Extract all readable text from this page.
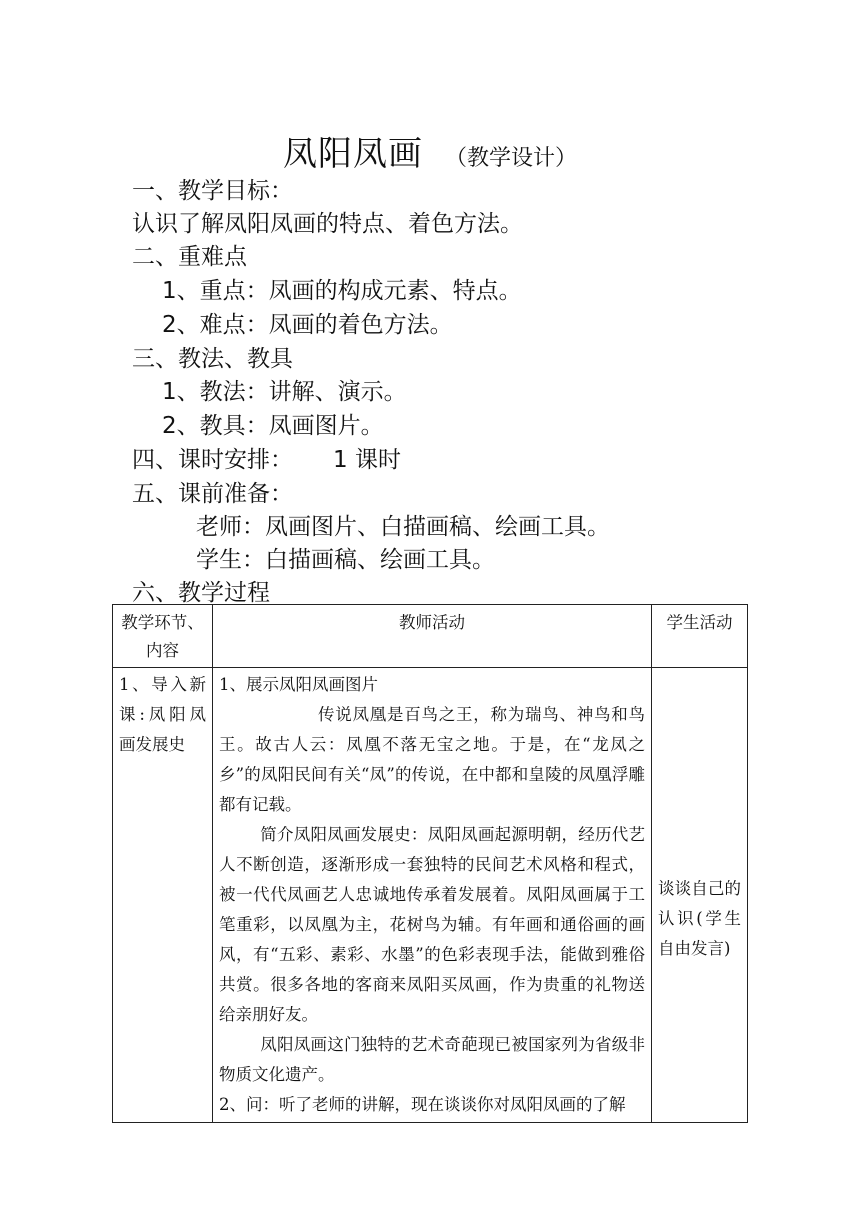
凤阳凤画 （教学设计）
一、教学目标：
认识了解凤阳凤画的特点、着色方法。
二、重难点
1、重点：凤画的构成元素、特点。
2、难点：凤画的着色方法。
三、教法、教具
1、教法：讲解、演示。
2、教具：凤画图片。
四、课时安排： 1 课时
五、课前准备：
老师：凤画图片、白描画稿、绘画工具。
学生：白描画稿、绘画工具。
六、教学过程
教学环节、内容	教师活动	学生活动
1、导入新课:凤阳凤画发展史	1、展示凤阳凤画图片

传说凤凰是百鸟之王，称为瑞鸟、神鸟和鸟王。故古人云：凤凰不落无宝之地。于是，在“龙凤之乡”的凤阳民间有关“凤”的传说，在中都和皇陵的凤凰浮雕都有记载。

简介凤阳凤画发展史：凤阳凤画起源明朝，经历代艺人不断创造，逐渐形成一套独特的民间艺术风格和程式，被一代代凤画艺人忠诚地传承着发展着。凤阳凤画属于工笔重彩，以凤凰为主，花树鸟为辅。有年画和通俗画的画风，有“五彩、素彩、水墨”的色彩表现手法，能做到雅俗共赏。很多各地的客商来凤阳买凤画，作为贵重的礼物送给亲朋好友。

凤阳凤画这门独特的艺术奇葩现已被国家列为省级非物质文化遗产。

2、问：听了老师的讲解，现在谈谈你对凤阳凤画的了解	谈谈自己的认识(学生自由发言)
